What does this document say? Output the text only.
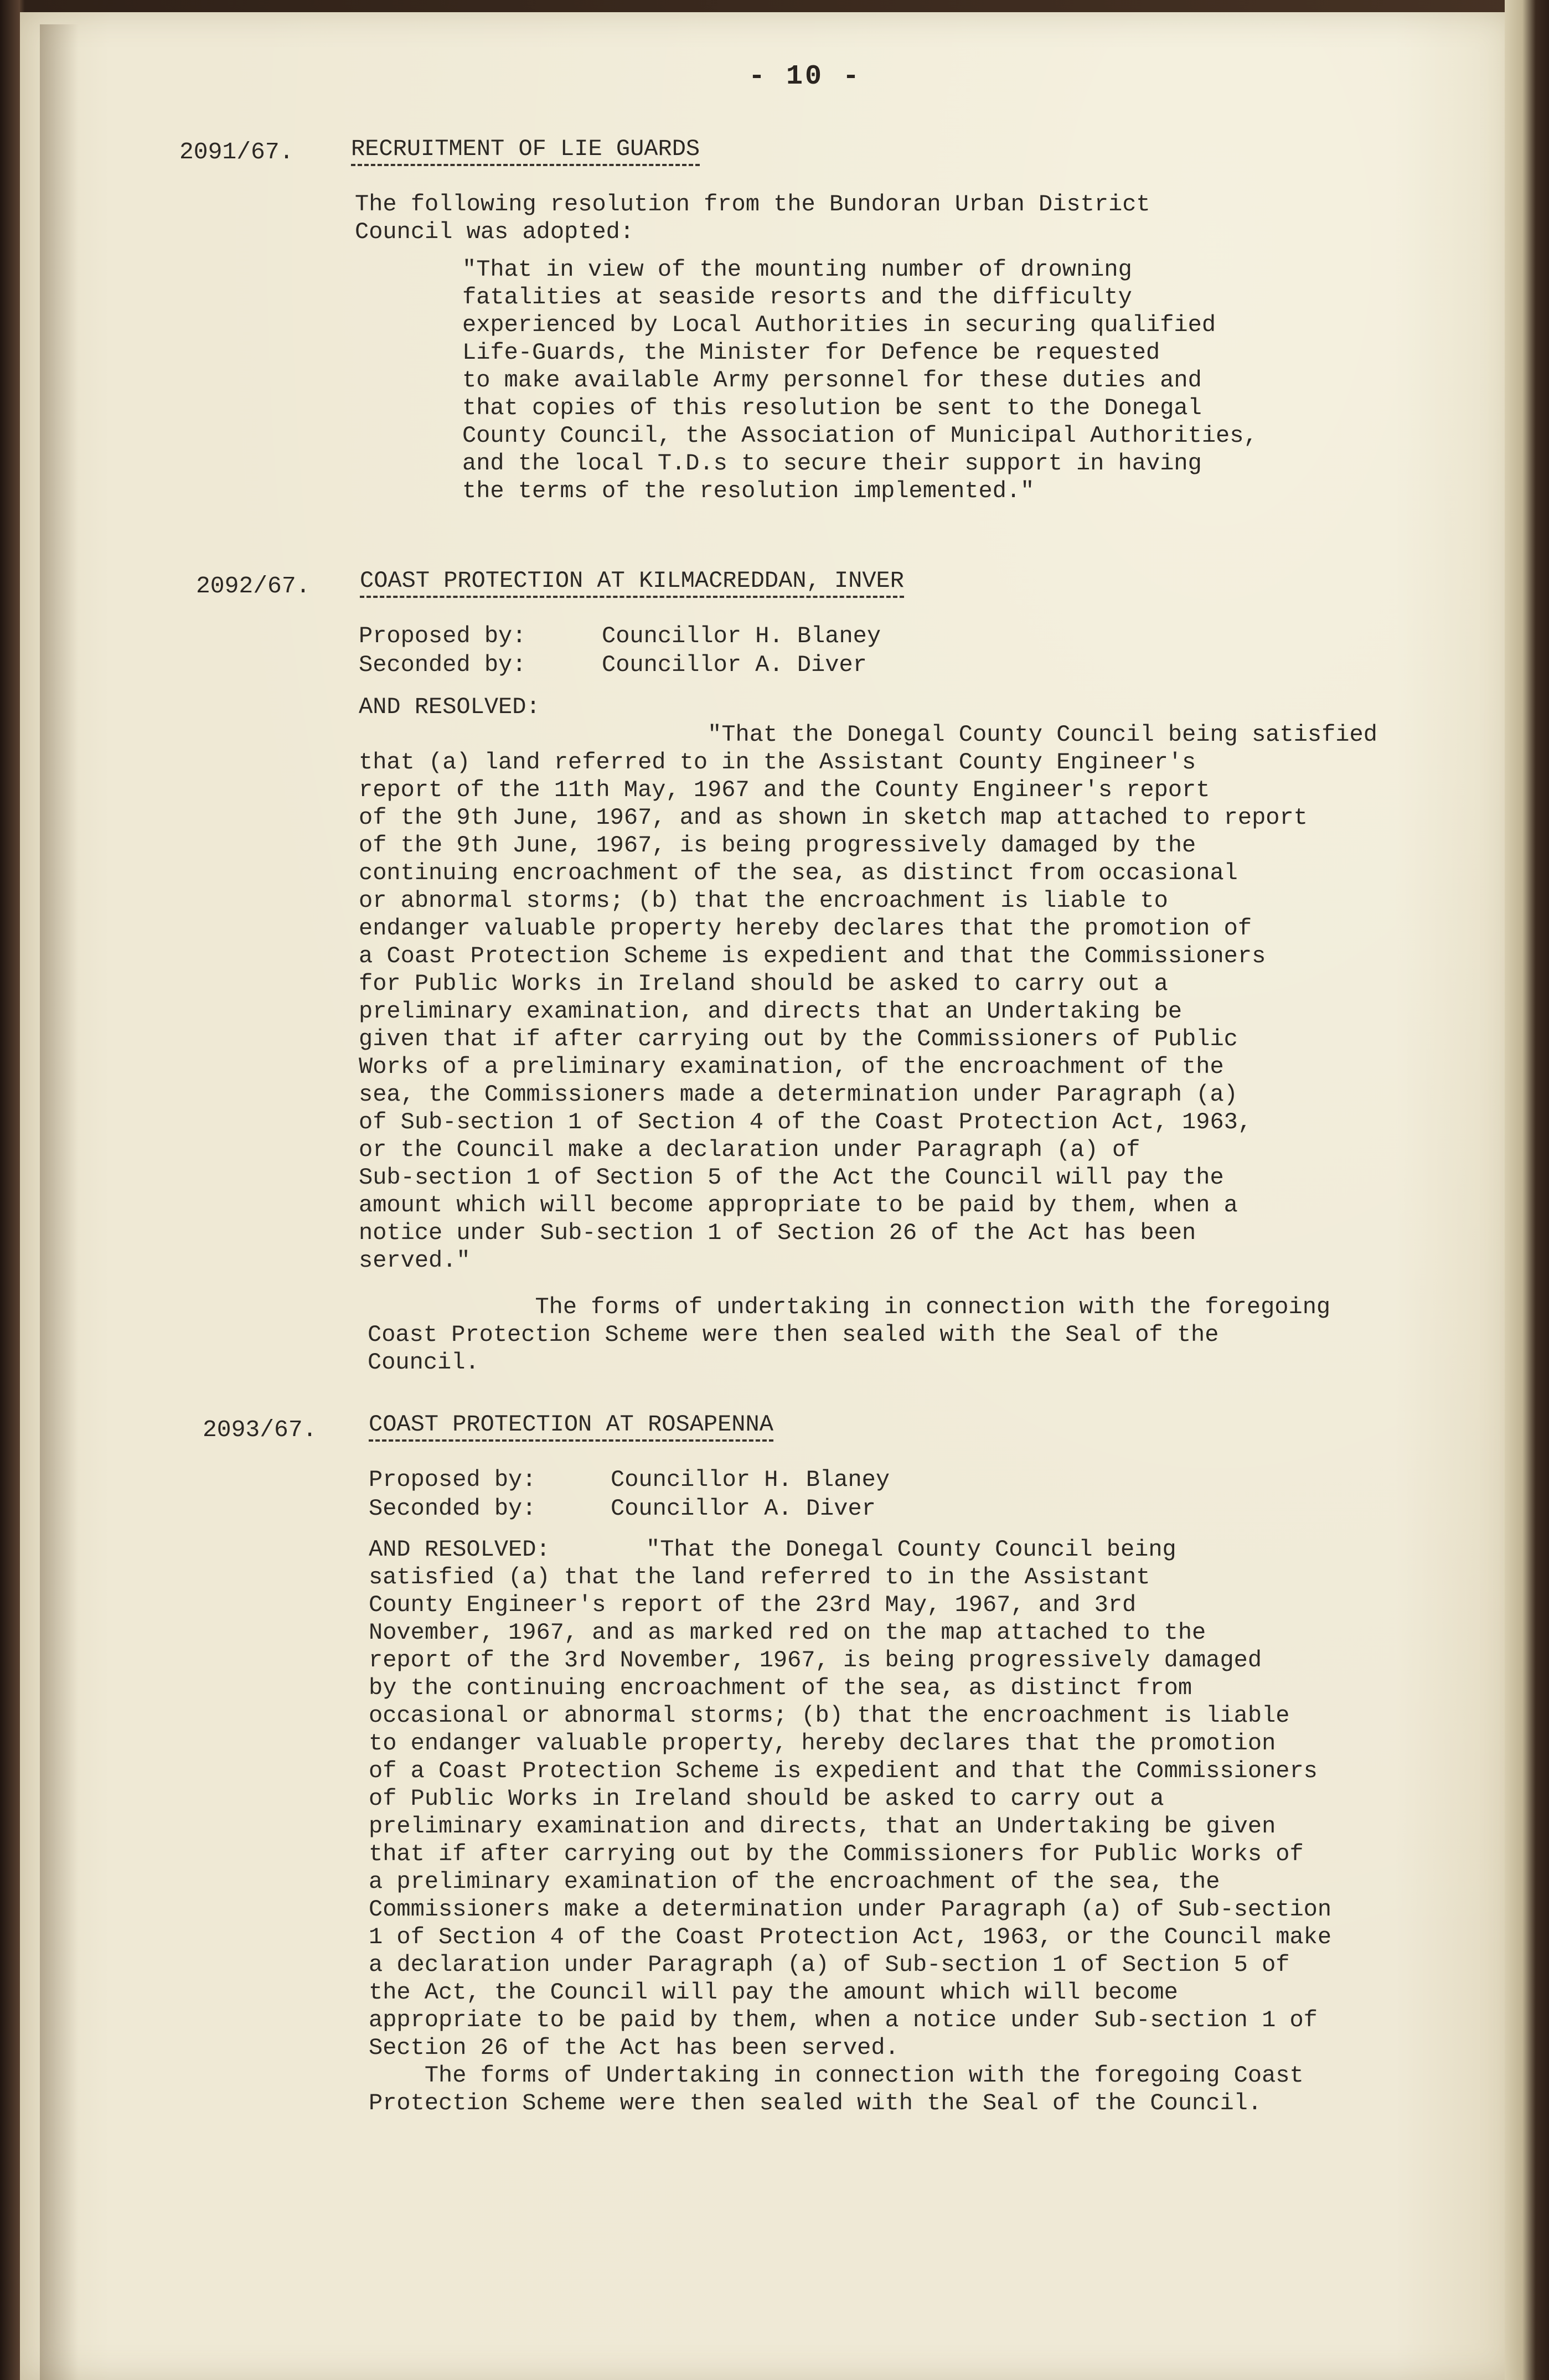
- 10 -
2091/67. RECRUITMENT OF LIE GUARDS
The following resolution from the Bundoran Urban District
Council was adopted:
"That in view of the mounting number of drowning
fatalities at seaside resorts and the difficulty
experienced by Local Authorities in securing qualified
Life-Guards, the Minister for Defence be requested
to make available Army personnel for these duties and
that copies of this resolution be sent to the Donegal
County Council, the Association of Municipal Authorities,
and the local T.D.s to secure their support in having
the terms of the resolution implemented."
2092/67. COAST PROTECTION AT KILMACREDDAN, INVER
Proposed by:	Councillor H. Blaney
Seconded by:	Councillor A. Diver
AND RESOLVED:

"That the Donegal County Council being satisfied
that (a) land referred to in the Assistant County Engineer's
report of the 11th May, 1967 and the County Engineer's report
of the 9th June, 1967, and as shown in sketch map attached to report
of the 9th June, 1967, is being progressively damaged by the
continuing encroachment of the sea, as distinct from occasional
or abnormal storms; (b) that the encroachment is liable to
endanger valuable property hereby declares that the promotion of
a Coast Protection Scheme is expedient and that the Commissioners
for Public Works in Ireland should be asked to carry out a
preliminary examination, and directs that an Undertaking be
given that if after carrying out by the Commissioners of Public
Works of a preliminary examination, of the encroachment of the
sea, the Commissioners made a determination under Paragraph (a)
of Sub-section 1 of Section 4 of the Coast Protection Act, 1963,
or the Council make a declaration under Paragraph (a) of
Sub-section 1 of Section 5 of the Act the Council will pay the
amount which will become appropriate to be paid by them, when a
notice under Sub-section 1 of Section 26 of the Act has been
served."

The forms of undertaking in connection with the foregoing
Coast Protection Scheme were then sealed with the Seal of the
Council.

2093/67. COAST PROTECTION AT ROSAPENNA
Proposed by:	Councillor H. Blaney
Seconded by:	Councillor A. Diver
AND RESOLVED:	"That the Donegal County Council being
satisfied (a) that the land referred to in the Assistant
County Engineer's report of the 23rd May, 1967, and 3rd
November, 1967, and as marked red on the map attached to the
report of the 3rd November, 1967, is being progressively damaged
by the continuing encroachment of the sea, as distinct from
occasional or abnormal storms; (b) that the encroachment is liable
to endanger valuable property, hereby declares that the promotion
of a Coast Protection Scheme is expedient and that the Commissioners
of Public Works in Ireland should be asked to carry out a
preliminary examination and directs, that an Undertaking be given
that if after carrying out by the Commissioners for Public Works of
a preliminary examination of the encroachment of the sea, the
Commissioners make a determination under Paragraph (a) of Sub-section
1 of Section 4 of the Coast Protection Act, 1963, or the Council make
a declaration under Paragraph (a) of Sub-section 1 of Section 5 of
the Act, the Council will pay the amount which will become
appropriate to be paid by them, when a notice under Sub-section 1 of
Section 26 of the Act has been served.
The forms of Undertaking in connection with the foregoing Coast
Protection Scheme were then sealed with the Seal of the Council.
